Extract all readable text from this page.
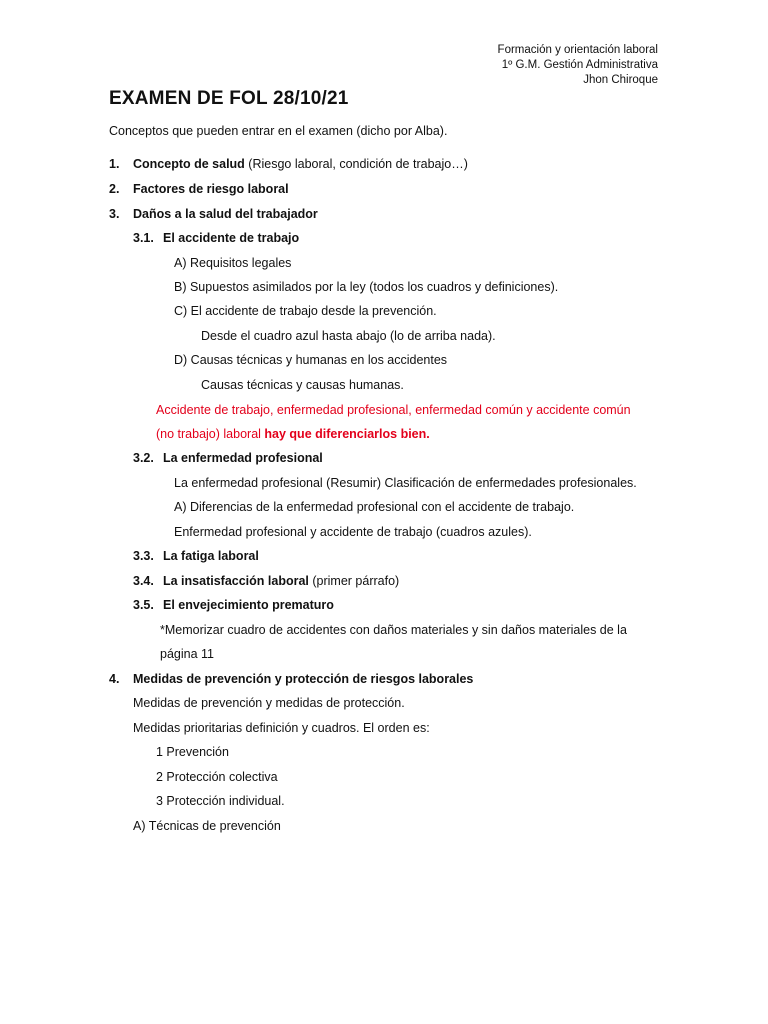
Formación y orientación laboral
1º G.M. Gestión Administrativa
Jhon Chiroque
EXAMEN DE FOL 28/10/21
Conceptos que pueden entrar en el examen (dicho por Alba).
1. Concepto de salud (Riesgo laboral, condición de trabajo…)
2. Factores de riesgo laboral
3. Daños a la salud del trabajador
3.1. El accidente de trabajo
A) Requisitos legales
B) Supuestos asimilados por la ley (todos los cuadros y definiciones).
C) El accidente de trabajo desde la prevención.
Desde el cuadro azul hasta abajo (lo de arriba nada).
D) Causas técnicas y humanas en los accidentes
Causas técnicas y causas humanas.
Accidente de trabajo, enfermedad profesional, enfermedad común y accidente común
(no trabajo) laboral hay que diferenciarlos bien.
3.2. La enfermedad profesional
La enfermedad profesional (Resumir) Clasificación de enfermedades profesionales.
A) Diferencias de la enfermedad profesional con el accidente de trabajo.
Enfermedad profesional y accidente de trabajo (cuadros azules).
3.3. La fatiga laboral
3.4. La insatisfacción laboral (primer párrafo)
3.5. El envejecimiento prematuro
*Memorizar cuadro de accidentes con daños materiales y sin daños materiales de la
página 11
4. Medidas de prevención y protección de riesgos laborales
Medidas de prevención y medidas de protección.
Medidas prioritarias definición y cuadros. El orden es:
1 Prevención
2 Protección colectiva
3 Protección individual.
A) Técnicas de prevención
